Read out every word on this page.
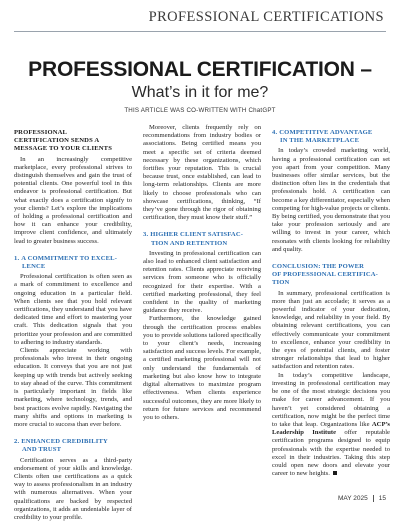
PROFESSIONAL CERTIFICATIONS
PROFESSIONAL CERTIFICATION –
What’s in it for me?
THIS ARTICLE WAS CO-WRITTEN WITH ChatGPT
PROFESSIONAL
CERTIFICATION SENDS A
MESSAGE TO YOUR CLIENTS

In an increasingly competitive marketplace, every professional strives to distinguish themselves and gain the trust of potential clients. One powerful tool in this endeavor is professional certification. But what exactly does a certification signify to your clients? Let’s explore the implications of holding a professional certification and how it can enhance your credibility, improve client confidence, and ultimately lead to greater business success.

1. A COMMITMENT TO EXCEL-
LENCE

Professional certification is often seen as a mark of commitment to excellence and ongoing education in a particular field. When clients see that you hold relevant certifications, they understand that you have dedicated time and effort to mastering your craft. This dedication signals that you prioritize your profession and are committed to adhering to industry standards.

Clients appreciate working with professionals who invest in their ongoing education. It conveys that you are not just keeping up with trends but actively seeking to stay ahead of the curve. This commitment is particularly important in fields like marketing, where technology, trends, and best practices evolve rapidly. Navigating the many shifts and options in marketing is more crucial to success than ever before.

2. ENHANCED CREDIBILITY
AND TRUST

Certification serves as a third-party endorsement of your skills and knowledge. Clients often use certifications as a quick way to assess professionalism in an industry with numerous alternatives. When your qualifications are backed by respected organizations, it adds an undeniable layer of credibility to your profile.

Moreover, clients frequently rely on recommendations from industry bodies or associations. Being certified means you meet a specific set of criteria deemed necessary by these organizations, which fortifies your reputation. This is crucial because trust, once established, can lead to long-term relationships. Clients are more likely to choose professionals who can showcase certifications, thinking, “If they’ve gone through the rigor of obtaining certification, they must know their stuff.”

3. HIGHER CLIENT SATISFAC-
TION AND RETENTION

Investing in professional certification can also lead to enhanced client satisfaction and retention rates. Clients appreciate receiving services from someone who is officially recognized for their expertise. With a certified marketing professional, they feel confident in the quality of marketing guidance they receive.

Furthermore, the knowledge gained through the certification process enables you to provide solutions tailored specifically to your client’s needs, increasing satisfaction and success levels. For example, a certified marketing professional will not only understand the fundamentals of marketing but also know how to integrate digital alternatives to maximize program effectiveness. When clients experience successful outcomes, they are more likely to return for future services and recommend you to others.

4. COMPETITIVE ADVANTAGE
IN THE MARKETPLACE

In today’s crowded marketing world, having a professional certification can set you apart from your competition. Many businesses offer similar services, but the distinction often lies in the credentials that professionals hold. A certification can become a key differentiator, especially when competing for high-value projects or clients. By being certified, you demonstrate that you take your profession seriously and are willing to invest in your career, which resonates with clients looking for reliability and quality.

CONCLUSION: THE POWER
OF PROFESSIONAL CERTIFICA-
TION

In summary, professional certification is more than just an accolade; it serves as a powerful indicator of your dedication, knowledge, and reliability in your field. By obtaining relevant certifications, you can effectively communicate your commitment to excellence, enhance your credibility in the eyes of potential clients, and foster stronger relationships that lead to higher satisfaction and retention rates.

In today’s competitive landscape, investing in professional certification may be one of the most strategic decisions you make for career advancement. If you haven’t yet considered obtaining a certification, now might be the perfect time to take that leap. Organizations like ACP’s Leadership Institute offer reputable certification programs designed to equip professionals with the expertise needed to excel in their industries. Taking this step could open new doors and elevate your career to new heights.

MAY 2025 15
